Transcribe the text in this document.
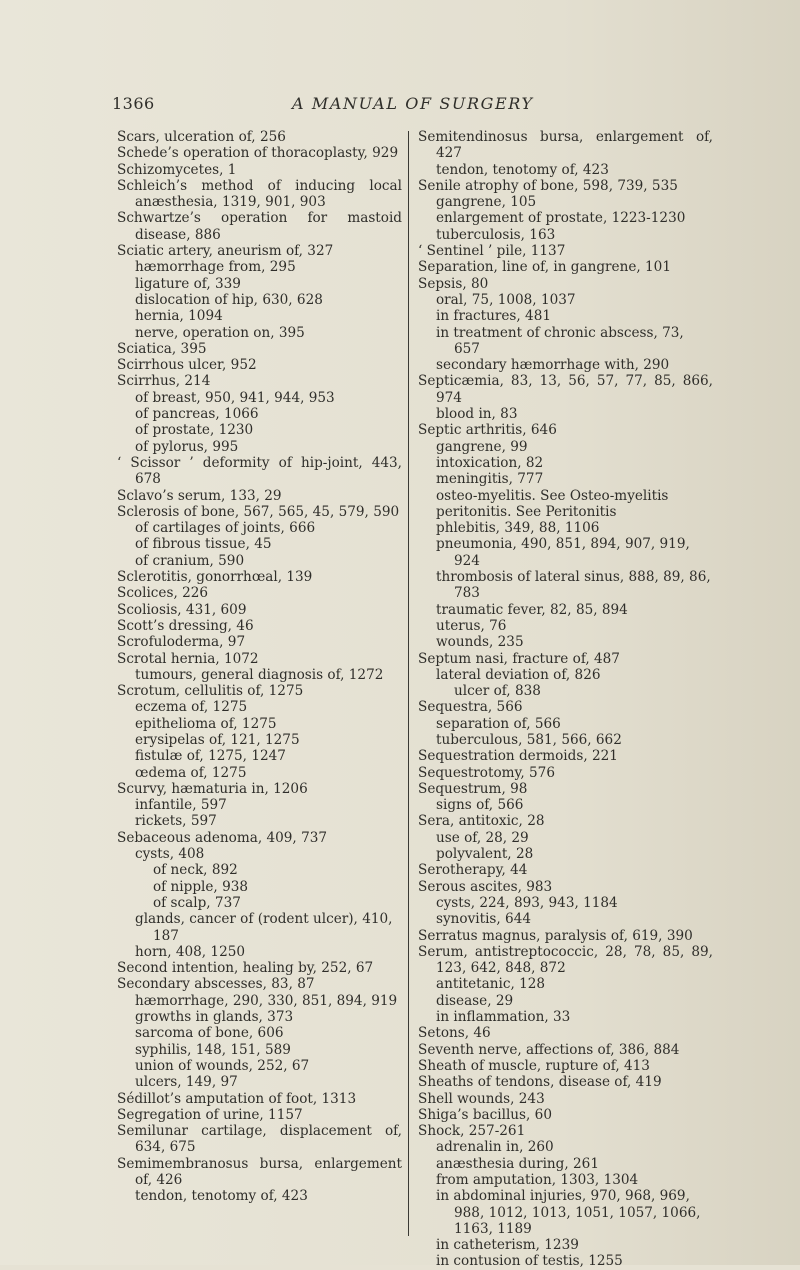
1366	A MANUAL OF SURGERY
Scars, ulceration of, 256
Schede’s operation of thoracoplasty, 929
Schizomycetes, 1
Schleich’s method of inducing local anæsthesia, 1319, 901, 903
Schwartze’s operation for mastoid disease, 886
Sciatic artery, aneurism of, 327
hæmorrhage from, 295
ligature of, 339
dislocation of hip, 630, 628
hernia, 1094
nerve, operation on, 395
Sciatica, 395
Scirrhous ulcer, 952
Scirrhus, 214
of breast, 950, 941, 944, 953
of pancreas, 1066
of prostate, 1230
of pylorus, 995
‘ Scissor ’ deformity of hip-joint, 443, 678
Sclavo’s serum, 133, 29
Sclerosis of bone, 567, 565, 45, 579, 590
of cartilages of joints, 666
of fibrous tissue, 45
of cranium, 590
Sclerotitis, gonorrhœal, 139
Scolices, 226
Scoliosis, 431, 609
Scott’s dressing, 46
Scrofuloderma, 97
Scrotal hernia, 1072
tumours, general diagnosis of, 1272
Scrotum, cellulitis of, 1275
eczema of, 1275
epithelioma of, 1275
erysipelas of, 121, 1275
fistulæ of, 1275, 1247
œdema of, 1275
Scurvy, hæmaturia in, 1206
infantile, 597
rickets, 597
Sebaceous adenoma, 409, 737
cysts, 408
of neck, 892
of nipple, 938
of scalp, 737
glands, cancer of (rodent ulcer), 410, 187
horn, 408, 1250
Second intention, healing by, 252, 67
Secondary abscesses, 83, 87
hæmorrhage, 290, 330, 851, 894, 919
growths in glands, 373
sarcoma of bone, 606
syphilis, 148, 151, 589
union of wounds, 252, 67
ulcers, 149, 97
Sédillot’s amputation of foot, 1313
Segregation of urine, 1157
Semilunar cartilage, displacement of, 634, 675
Semimembranosus bursa, enlargement of, 426
tendon, tenotomy of, 423
Semitendinosus bursa, enlargement of, 427
tendon, tenotomy of, 423
Senile atrophy of bone, 598, 739, 535
gangrene, 105
enlargement of prostate, 1223-1230
tuberculosis, 163
‘ Sentinel ’ pile, 1137
Separation, line of, in gangrene, 101
Sepsis, 80
oral, 75, 1008, 1037
in fractures, 481
in treatment of chronic abscess, 73, 657
secondary hæmorrhage with, 290
Septicæmia, 83, 13, 56, 57, 77, 85, 866, 974
blood in, 83
Septic arthritis, 646
gangrene, 99
intoxication, 82
meningitis, 777
osteo-myelitis. See Osteo-myelitis
peritonitis. See Peritonitis
phlebitis, 349, 88, 1106
pneumonia, 490, 851, 894, 907, 919, 924
thrombosis of lateral sinus, 888, 89, 86, 783
traumatic fever, 82, 85, 894
uterus, 76
wounds, 235
Septum nasi, fracture of, 487
lateral deviation of, 826
ulcer of, 838
Sequestra, 566
separation of, 566
tuberculous, 581, 566, 662
Sequestration dermoids, 221
Sequestrotomy, 576
Sequestrum, 98
signs of, 566
Sera, antitoxic, 28
use of, 28, 29
polyvalent, 28
Serotherapy, 44
Serous ascites, 983
cysts, 224, 893, 943, 1184
synovitis, 644
Serratus magnus, paralysis of, 619, 390
Serum, antistreptococcic, 28, 78, 85, 89, 123, 642, 848, 872
antitetanic, 128
disease, 29
in inflammation, 33
Setons, 46
Seventh nerve, affections of, 386, 884
Sheath of muscle, rupture of, 413
Sheaths of tendons, disease of, 419
Shell wounds, 243
Shiga’s bacillus, 60
Shock, 257-261
adrenalin in, 260
anæsthesia during, 261
from amputation, 1303, 1304
in abdominal injuries, 970, 968, 969, 988, 1012, 1013, 1051, 1057, 1066, 1163, 1189
in catheterism, 1239
in contusion of testis, 1255
